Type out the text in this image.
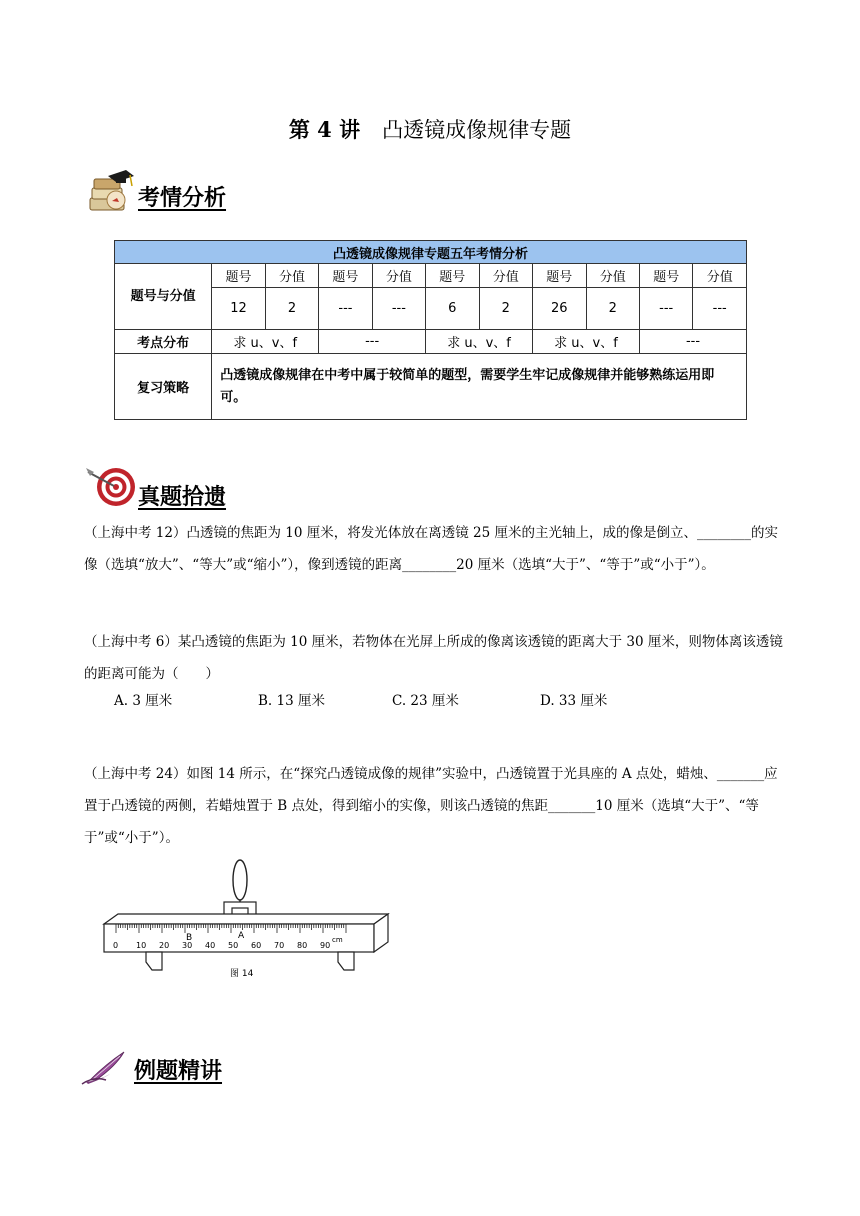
第 4 讲 凸透镜成像规律专题
考情分析
凸透镜成像规律专题五年考情分析										
题号与分值	题号	分值	题号	分值	题号	分值	题号	分值	题号	分值
	12	2	---	---	6	2	26	2	---	---
考点分布	求 u、v、f		---		求 u、v、f		求 u、v、f		---	
复习策略	凸透镜成像规律在中考中属于较简单的题型，需要学生牢记成像规律并能够熟练运用即可。									
真题拾遗
（上海中考 12）凸透镜的焦距为 10 厘米，将发光体放在离透镜 25 厘米的主光轴上，成的像是倒立、________的实像（选填“放大”、“等大”或“缩小”），像到透镜的距离________20 厘米（选填“大于”、“等于”或“小于”）。
（上海中考 6）某凸透镜的焦距为 10 厘米，若物体在光屏上所成的像离该透镜的距离大于 30 厘米，则物体离该透镜的距离可能为（　　）
A. 3 厘米	B. 13 厘米	C. 23 厘米	D. 33 厘米
（上海中考 24）如图 14 所示，在“探究凸透镜成像的规律”实验中，凸透镜置于光具座的 A 点处，蜡烛、_______应置于凸透镜的两侧，若蜡烛置于 B 点处，得到缩小的实像，则该凸透镜的焦距_______10 厘米（选填“大于”、“等于”或“小于”）。
0 10 20 30 40 50 60 70 80 90
cm
B	A
图 14
例题精讲
